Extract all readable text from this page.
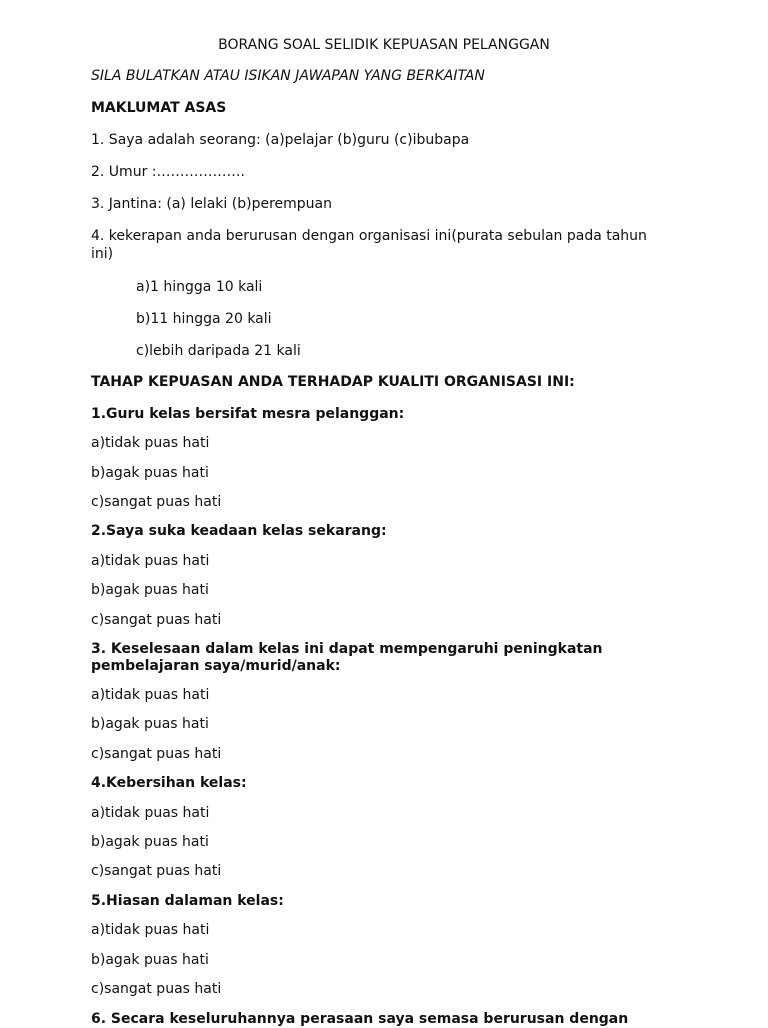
BORANG SOAL SELIDIK KEPUASAN PELANGGAN
SILA BULATKAN ATAU ISIKAN JAWAPAN YANG BERKAITAN
MAKLUMAT ASAS
1. Saya adalah seorang: (a)pelajar (b)guru (c)ibubapa
2. Umur :……………….
3. Jantina: (a) lelaki (b)perempuan
4. kekerapan anda berurusan dengan organisasi ini(purata sebulan pada tahun ini)
a)1 hingga 10 kali
b)11 hingga 20 kali
c)lebih daripada 21 kali
TAHAP KEPUASAN ANDA TERHADAP KUALITI ORGANISASI INI:
1.Guru kelas bersifat mesra pelanggan:
a)tidak puas hati
b)agak puas hati
c)sangat puas hati
2.Saya suka keadaan kelas sekarang:
a)tidak puas hati
b)agak puas hati
c)sangat puas hati
3. Keselesaan dalam kelas ini dapat mempengaruhi peningkatan pembelajaran saya/murid/anak:
a)tidak puas hati
b)agak puas hati
c)sangat puas hati
4.Kebersihan kelas:
a)tidak puas hati
b)agak puas hati
c)sangat puas hati
5.Hiasan dalaman kelas:
a)tidak puas hati
b)agak puas hati
c)sangat puas hati
6. Secara keseluruhannya perasaan saya semasa berurusan dengan
